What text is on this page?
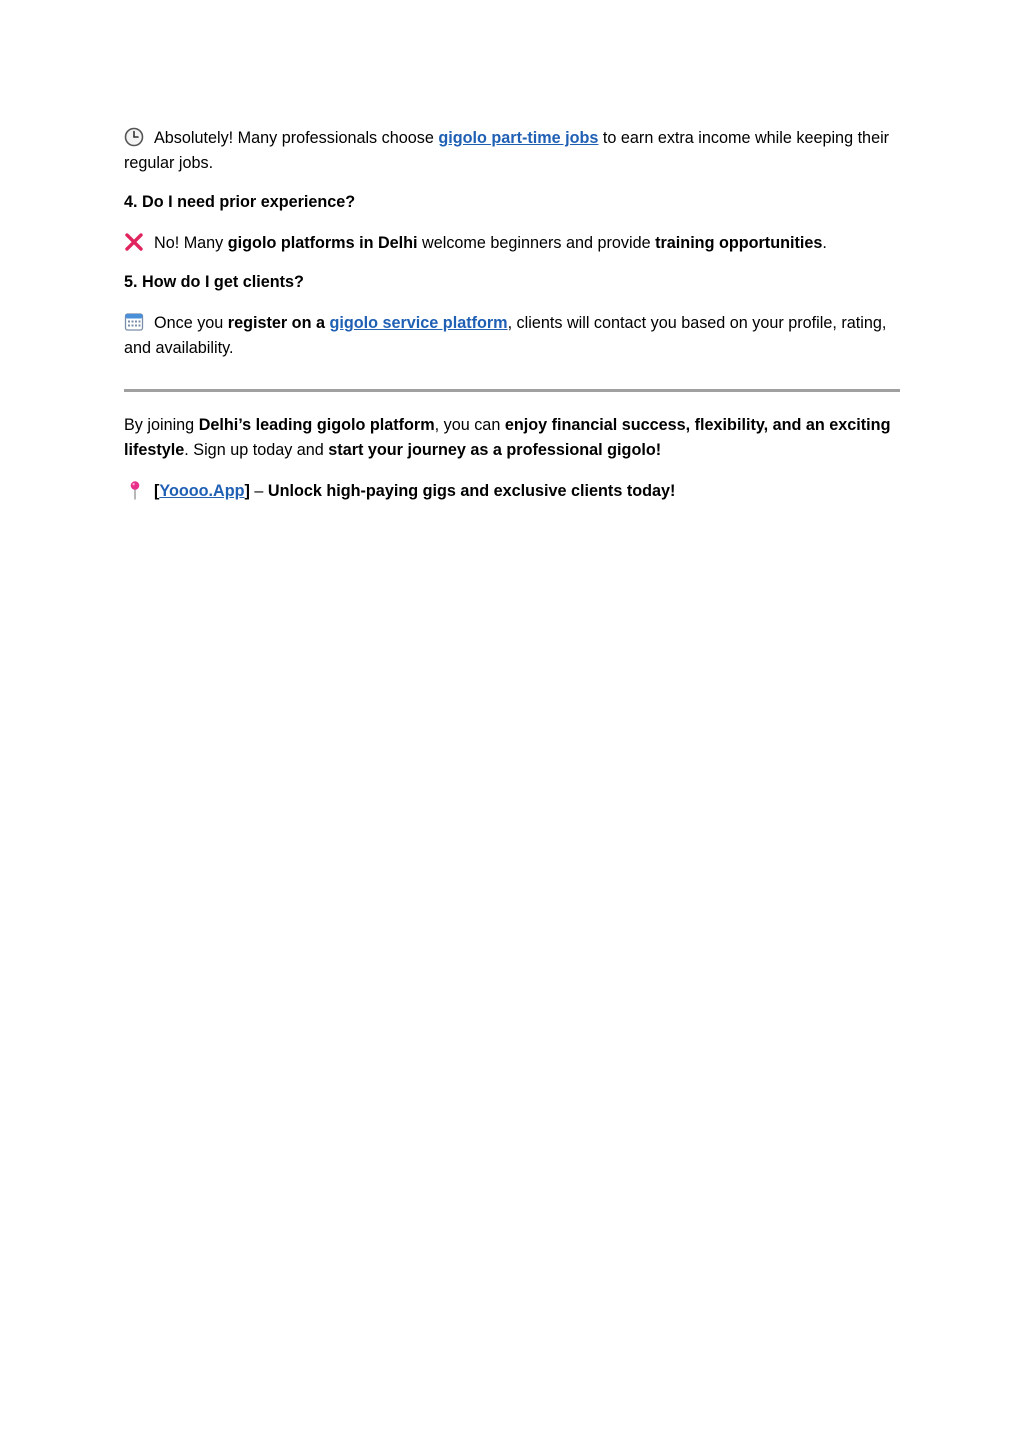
Absolutely! Many professionals choose gigolo part-time jobs to earn extra income while keeping their regular jobs.
4. Do I need prior experience?
No! Many gigolo platforms in Delhi welcome beginners and provide training opportunities.
5. How do I get clients?
Once you register on a gigolo service platform, clients will contact you based on your profile, rating, and availability.
By joining Delhi’s leading gigolo platform, you can enjoy financial success, flexibility, and an exciting lifestyle. Sign up today and start your journey as a professional gigolo!
[Yoooo.App] – Unlock high-paying gigs and exclusive clients today!
